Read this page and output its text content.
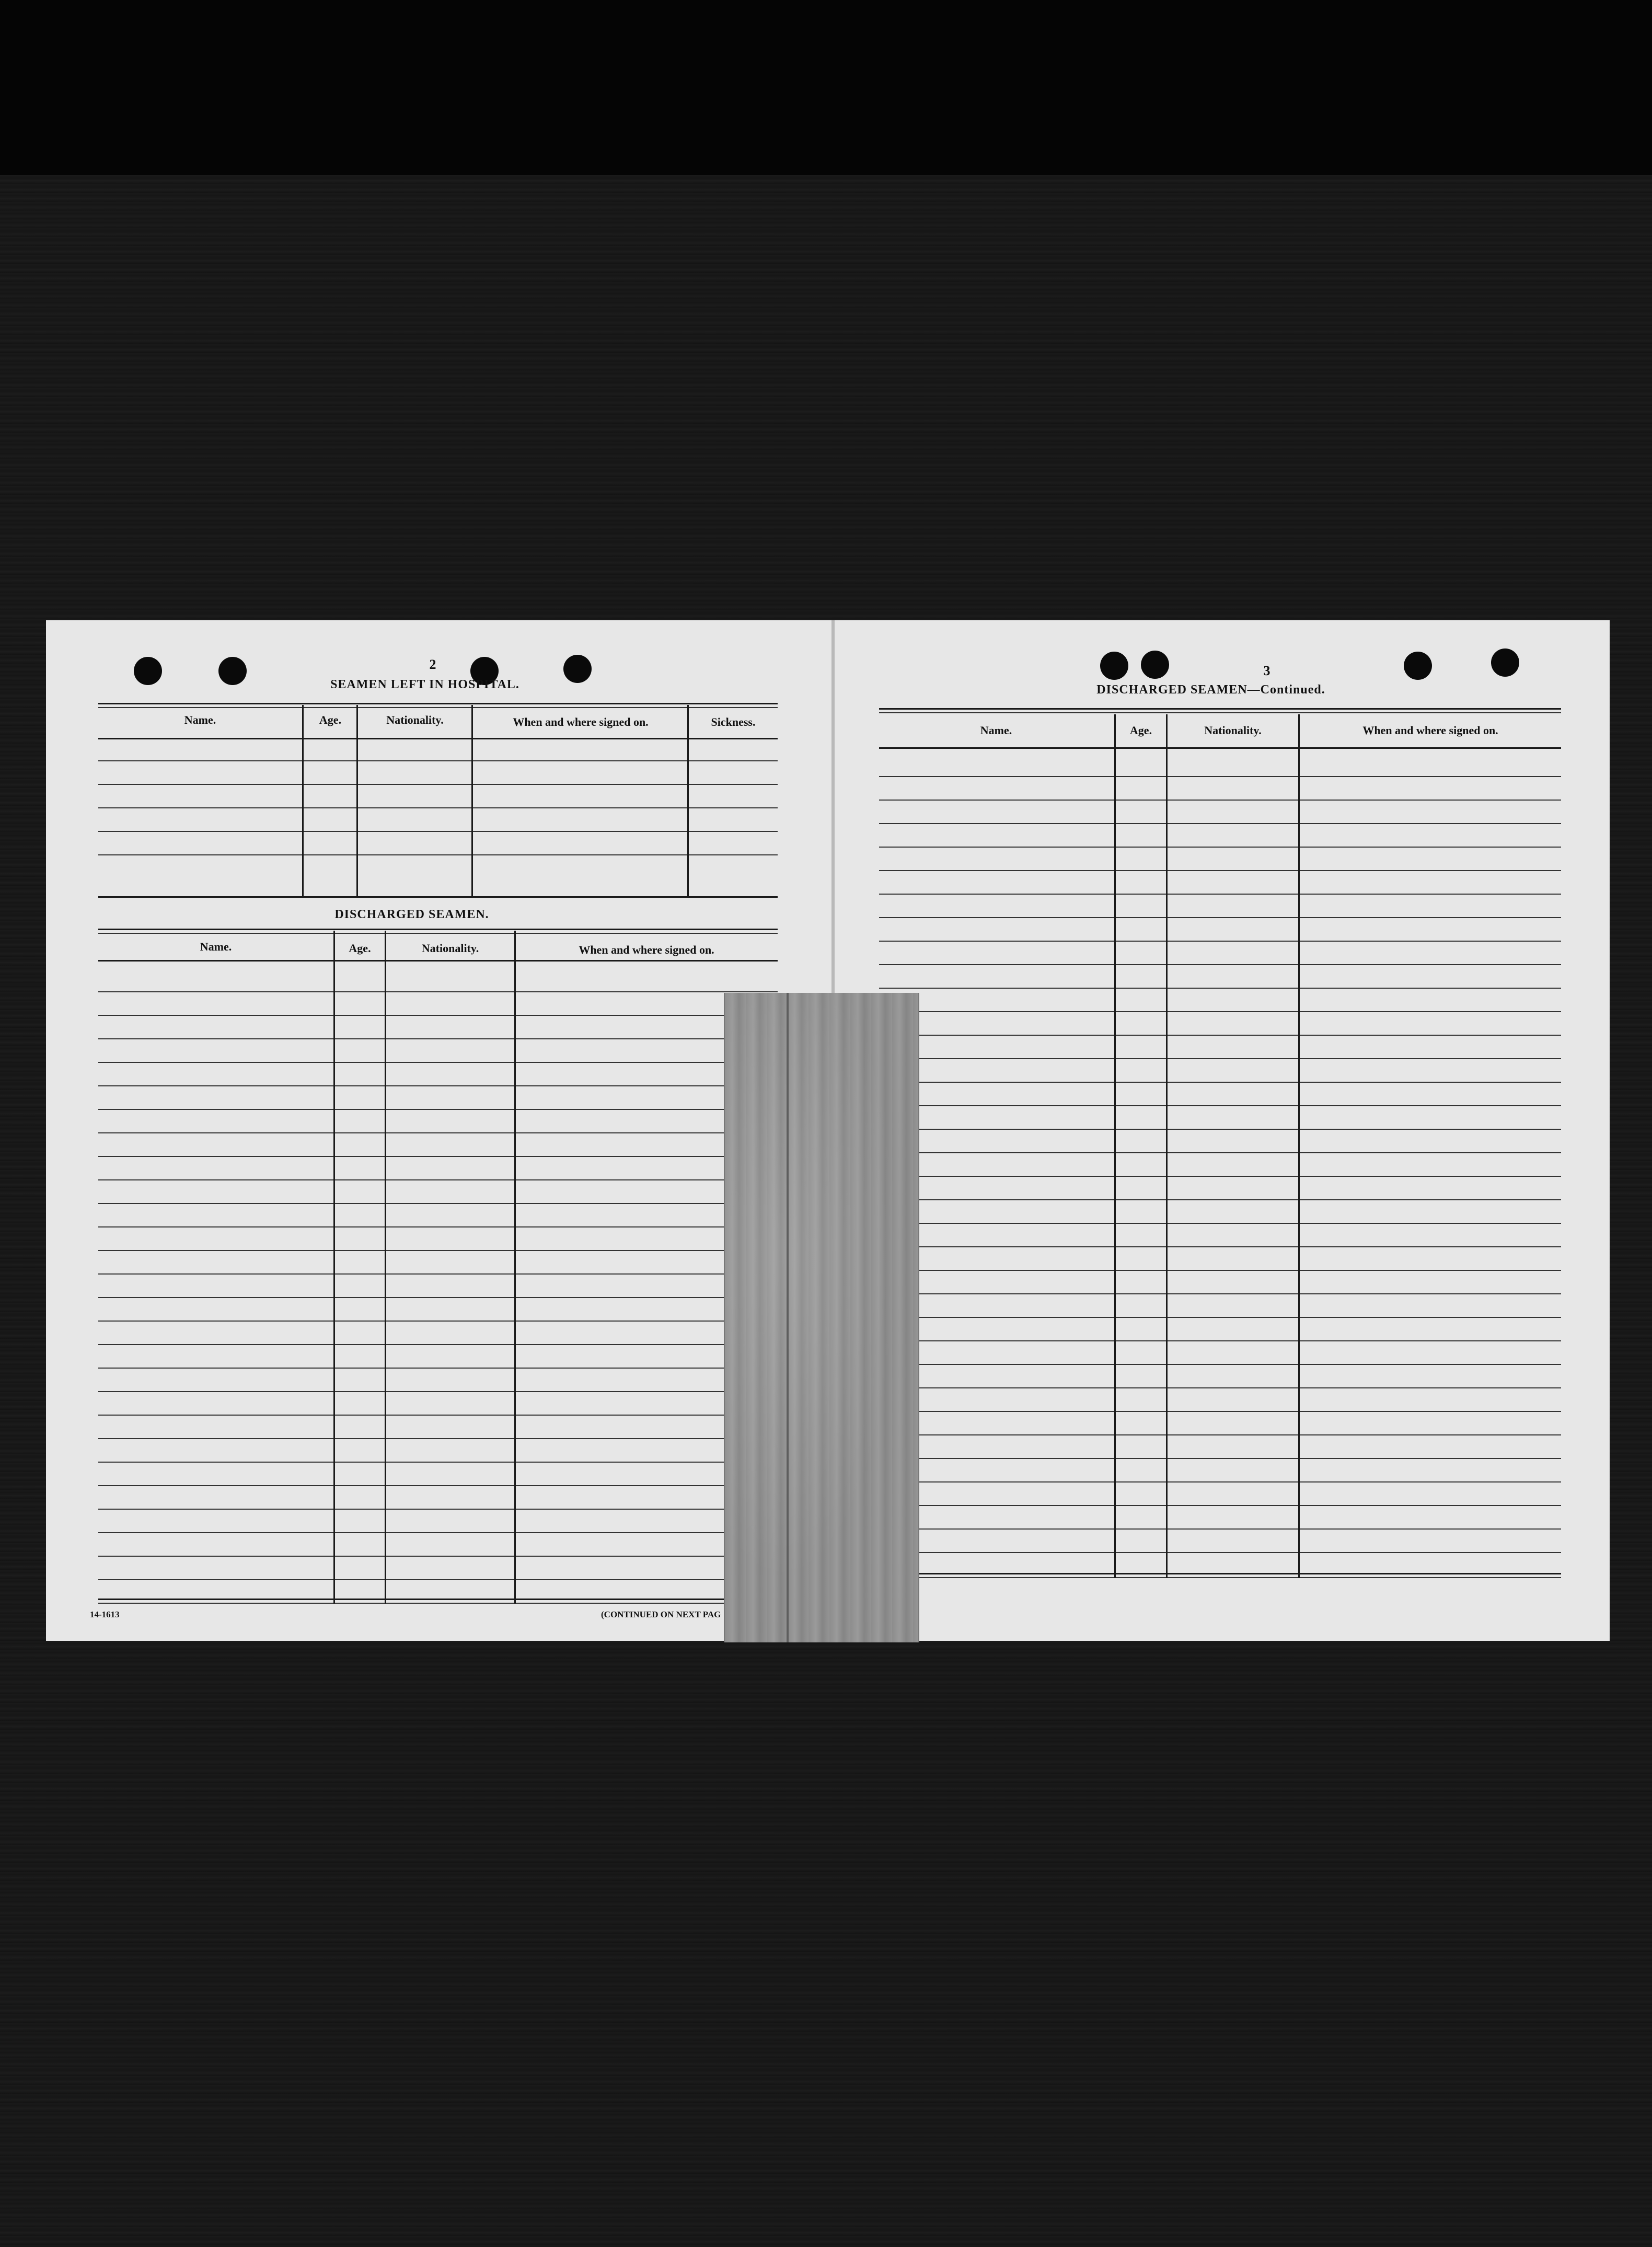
2
SEAMEN LEFT IN HOSPITAL.
Name.	Age.	Nationality.	When and where signed on.	Sickness.
DISCHARGED SEAMEN.
Name.	Age.	Nationality.	When and where signed on.
14-1613	(CONTINUED ON NEXT PAG
3
DISCHARGED SEAMEN—Continued.
Name.	Age.	Nationality.	When and where signed on.
